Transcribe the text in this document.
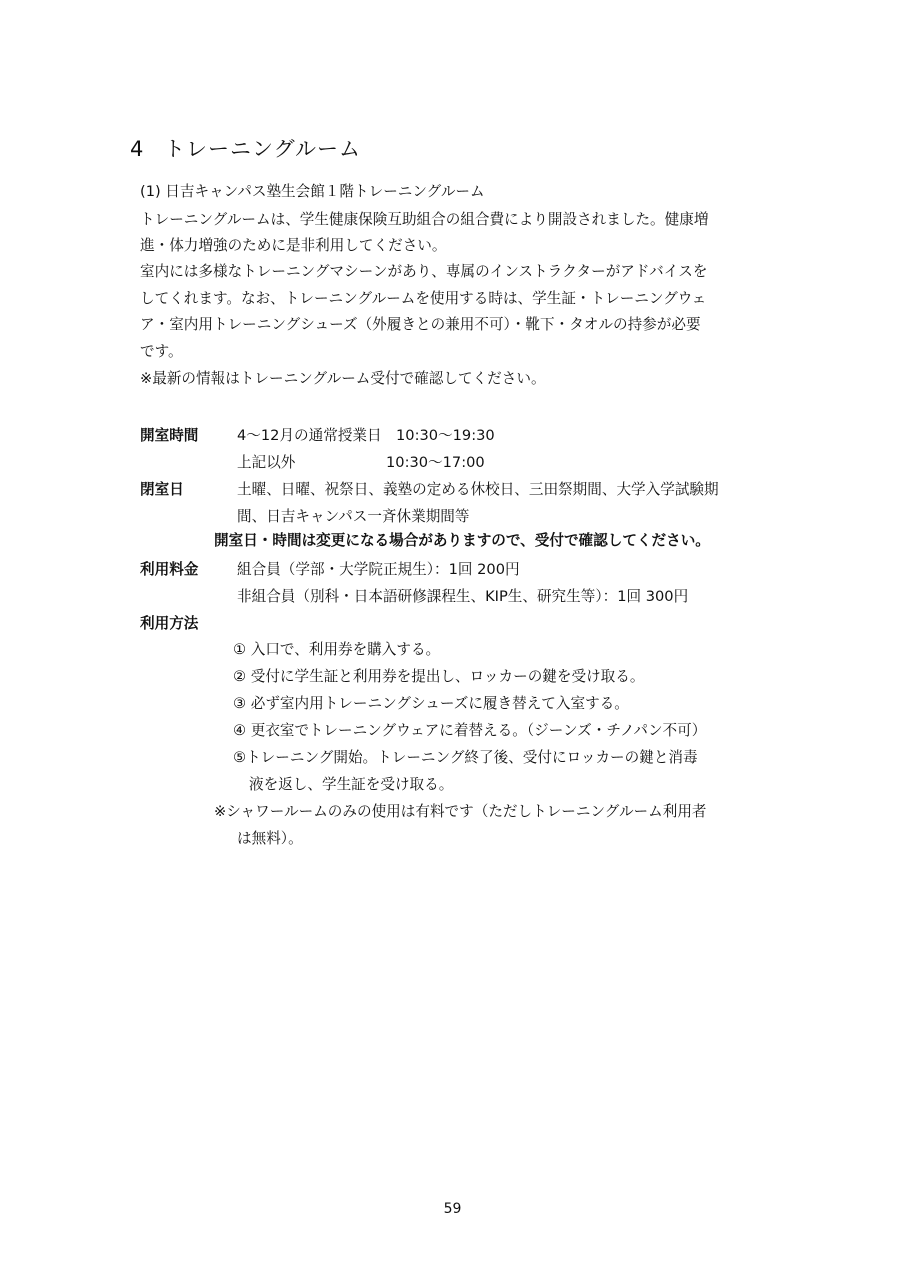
4 トレーニングルーム
(1) 日吉キャンパス塾生会館１階トレーニングルーム
トレーニングルームは、学生健康保険互助組合の組合費により開設されました。健康増
進・体力増強のために是非利用してください。
室内には多様なトレーニングマシーンがあり、専属のインストラクターがアドバイスを
してくれます。なお、トレーニングルームを使用する時は、学生証・トレーニングウェ
ア・室内用トレーニングシューズ（外履きとの兼用不可）・靴下・タオルの持参が必要
です。
※最新の情報はトレーニングルーム受付で確認してください。
開室時間	4〜12月の通常授業日 10:30〜19:30
上記以外	10:30〜17:00
閉室日	土曜、日曜、祝祭日、義塾の定める休校日、三田祭期間、大学入学試験期
間、日吉キャンパス一斉休業期間等
開室日・時間は変更になる場合がありますので、受付で確認してください。
利用料金	組合員（学部・大学院正規生）：1回 200円
非組合員（別科・日本語研修課程生、KIP生、研究生等）：1回 300円
利用方法
① 入口で、利用券を購入する。
② 受付に学生証と利用券を提出し、ロッカーの鍵を受け取る。
③ 必ず室内用トレーニングシューズに履き替えて入室する。
④ 更衣室でトレーニングウェアに着替える。（ジーンズ・チノパン不可）
⑤トレーニング開始。トレーニング終了後、受付にロッカーの鍵と消毒
液を返し、学生証を受け取る。
※シャワールームのみの使用は有料です（ただしトレーニングルーム利用者
は無料）。
59
